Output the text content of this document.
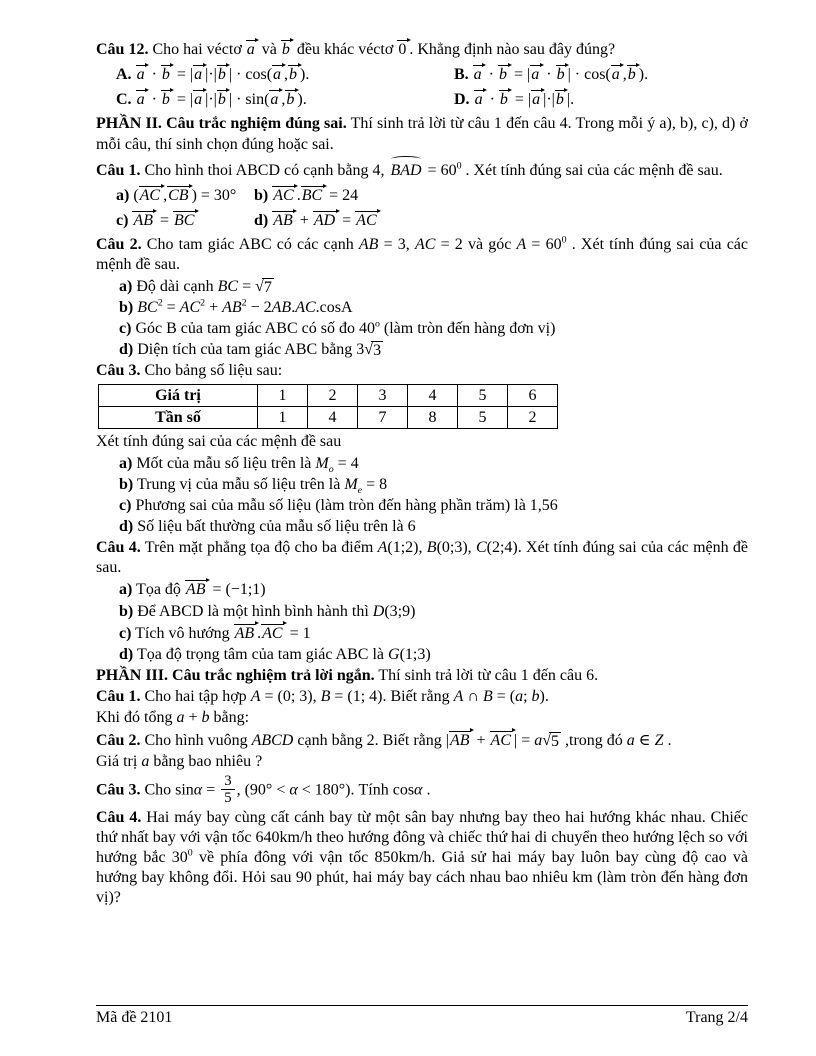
Câu 12. Cho hai véctơ a và b đều khác véctơ 0 . Khẳng định nào sau đây đúng?
A. a · b = |a |·|b | · cos(a ,b ).	B. a · b = |a · b | · cos(a ,b ).
C. a · b = |a |·|b | · sin(a ,b ).	D. a · b = |a |·|b |.
PHẦN II. Câu trắc nghiệm đúng sai. Thí sinh trả lời từ câu 1 đến câu 4. Trong mỗi ý a), b), c), d) ở mỗi câu, thí sinh chọn đúng hoặc sai.
Câu 1. Cho hình thoi ABCD có cạnh bằng 4, BAD = $60^0$ . Xét tính đúng sai của các mệnh đề sau.
a) (AC ,CB ) = 30°	b) AC .BC = 24
c) AB = BC	d) AB + AD = AC
Câu 2. Cho tam giác ABC có các cạnh AB = 3, AC = 2 và góc $A = 60^0$ . Xét tính đúng sai của các mệnh đề sau.
a) Độ dài cạnh BC = √ 7
b) $BC^2 = AC^2 + AB^2 - 2AB.AC.\cos A$
c) Góc B của tam giác ABC có số đo 40$^o$ (làm tròn đến hàng đơn vị)
d) Diện tích của tam giác ABC bằng 3 √ 3
Câu 3. Cho bảng số liệu sau:
Giá trị	1	2	3	4	5	6
Tần số	1	4	7	8	5	2
Xét tính đúng sai của các mệnh đề sau
a) Mốt của mẫu số liệu trên là $M_o = 4$
b) Trung vị của mẫu số liệu trên là $M_e = 8$
c) Phương sai của mẫu số liệu (làm tròn đến hàng phần trăm) là 1,56
d) Số liệu bất thường của mẫu số liệu trên là 6
Câu 4. Trên mặt phẳng tọa độ cho ba điểm A(1;2), B(0;3), C(2;4). Xét tính đúng sai của các mệnh đề sau.
a) Tọa độ AB = (−1;1)
b) Để ABCD là một hình bình hành thì D(3;9)
c) Tích vô hướng AB .AC = 1
d) Tọa độ trọng tâm của tam giác ABC là G(1;3)
PHẦN III. Câu trắc nghiệm trả lời ngắn. Thí sinh trả lời từ câu 1 đến câu 6.
Câu 1. Cho hai tập hợp A = (0; 3), B = (1; 4). Biết rằng A ∩ B = (a; b).
Khi đó tổng a + b bằng:
Câu 2. Cho hình vuông ABCD cạnh bằng 2. Biết rằng |AB + AC | = a √ 5 ,trong đó a ∈ Z .
Giá trị a bằng bao nhiêu ?
Câu 3. Cho $\sin\alpha = \frac{3}{5}$ , (90° < α < 180°). Tính cosα .
Câu 4. Hai máy bay cùng cất cánh bay từ một sân bay nhưng bay theo hai hướng khác nhau. Chiếc thứ nhất bay với vận tốc 640km/h theo hướng đông và chiếc thứ hai di chuyển theo hướng lệch so với hướng bắc $30^0$ về phía đông với vận tốc 850km/h. Giả sử hai máy bay luôn bay cùng độ cao và hướng bay không đổi. Hỏi sau 90 phút, hai máy bay cách nhau bao nhiêu km (làm tròn đến hàng đơn vị)?
Mã đề 2101	Trang 2/4
